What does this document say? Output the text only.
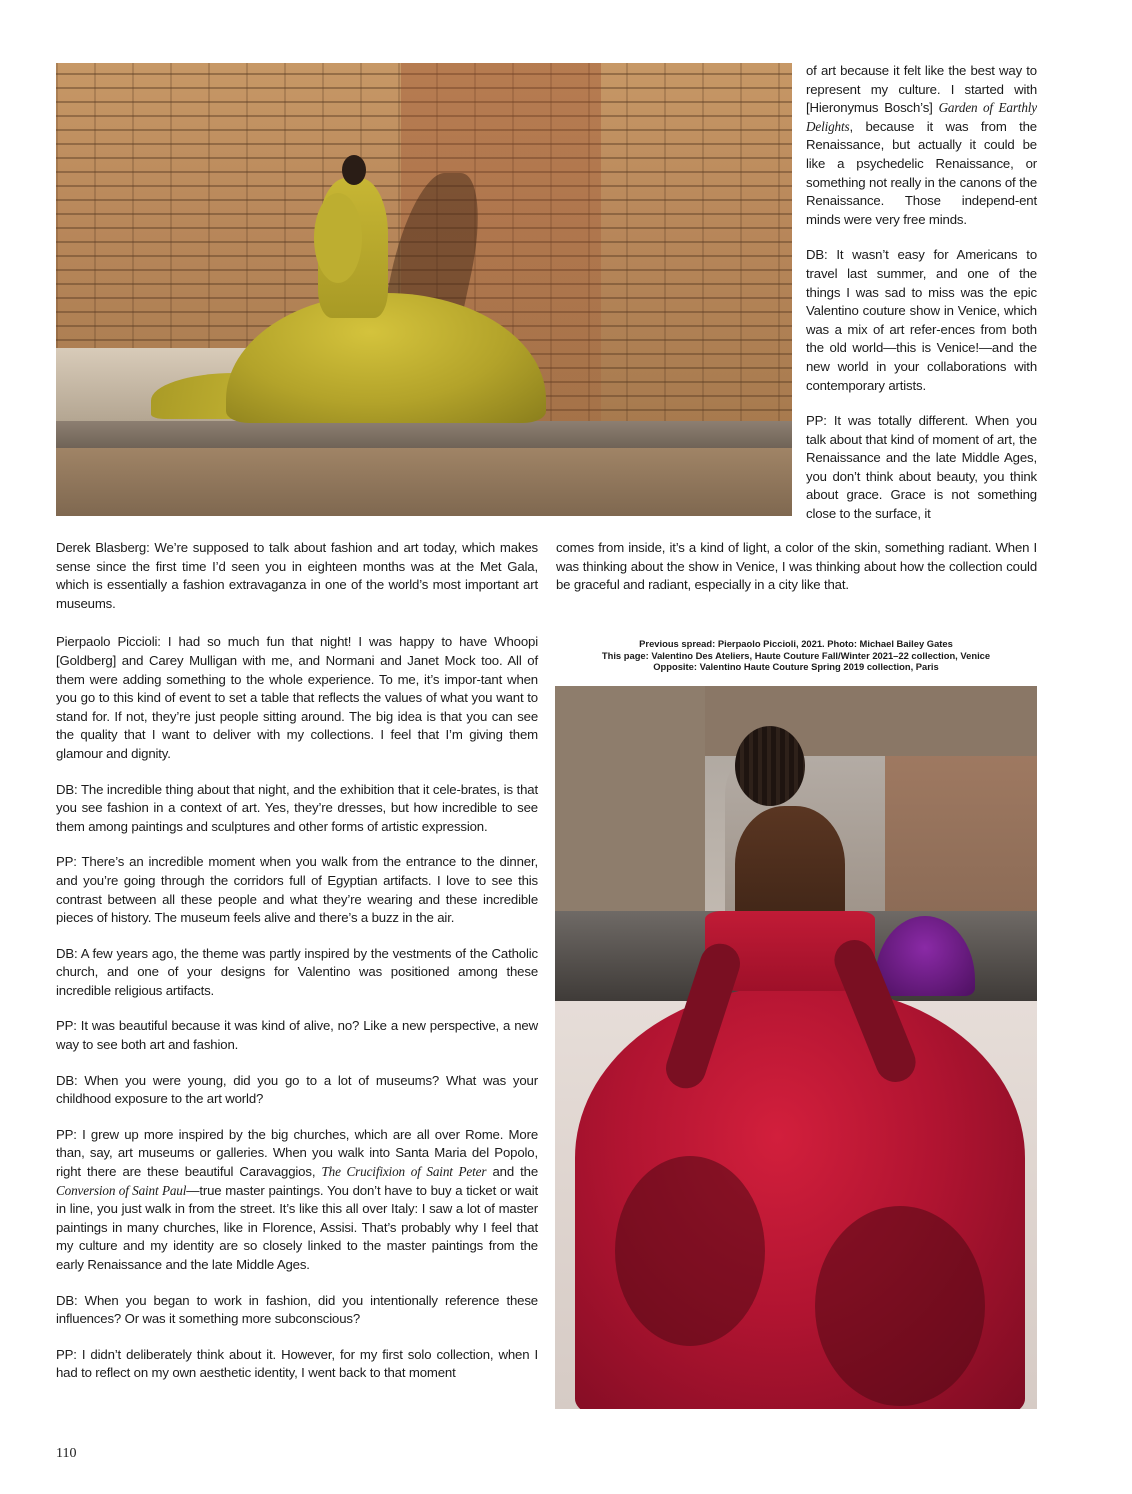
of art because it felt like the best way to represent my culture. I started with [Hieronymus Bosch’s] Garden of Earthly Delights, because it was from the Renaissance, but actually it could be like a psychedelic Renaissance, or something not really in the canons of the Renaissance. Those independ-ent minds were very free minds.

DB: It wasn’t easy for Americans to travel last summer, and one of the things I was sad to miss was the epic Valentino couture show in Venice, which was a mix of art refer-ences from both the old world—this is Venice!—and the new world in your collaborations with contemporary artists.

PP: It was totally different. When you talk about that kind of moment of art, the Renaissance and the late Middle Ages, you don’t think about beauty, you think about grace. Grace is not something close to the surface, it

comes from inside, it’s a kind of light, a color of the skin, something radiant. When I was thinking about the show in Venice, I was thinking about how the collection could be graceful and radiant, especially in a city like that.

Derek Blasberg: We’re supposed to talk about fashion and art today, which makes sense since the first time I’d seen you in eighteen months was at the Met Gala, which is essentially a fashion extravaganza in one of the world’s most important art museums.

Pierpaolo Piccioli: I had so much fun that night! I was happy to have Whoopi [Goldberg] and Carey Mulligan with me, and Normani and Janet Mock too. All of them were adding something to the whole experience. To me, it’s impor-tant when you go to this kind of event to set a table that reflects the values of what you want to stand for. If not, they’re just people sitting around. The big idea is that you can see the quality that I want to deliver with my collections. I feel that I’m giving them glamour and dignity.

DB: The incredible thing about that night, and the exhibition that it cele-brates, is that you see fashion in a context of art. Yes, they’re dresses, but how incredible to see them among paintings and sculptures and other forms of artistic expression.

PP: There’s an incredible moment when you walk from the entrance to the dinner, and you’re going through the corridors full of Egyptian artifacts. I love to see this contrast between all these people and what they’re wearing and these incredible pieces of history. The museum feels alive and there’s a buzz in the air.

DB: A few years ago, the theme was partly inspired by the vestments of the Catholic church, and one of your designs for Valentino was positioned among these incredible religious artifacts.

PP: It was beautiful because it was kind of alive, no? Like a new perspective, a new way to see both art and fashion.

DB: When you were young, did you go to a lot of museums? What was your childhood exposure to the art world?

PP: I grew up more inspired by the big churches, which are all over Rome. More than, say, art museums or galleries. When you walk into Santa Maria del Popolo, right there are these beautiful Caravaggios, The Crucifixion of Saint Peter and the Conversion of Saint Paul—true master paintings. You don’t have to buy a ticket or wait in line, you just walk in from the street. It’s like this all over Italy: I saw a lot of master paintings in many churches, like in Florence, Assisi. That’s probably why I feel that my culture and my identity are so closely linked to the master paintings from the early Renaissance and the late Middle Ages.

DB: When you began to work in fashion, did you intentionally reference these influences? Or was it something more subconscious?

PP: I didn’t deliberately think about it. However, for my first solo collection, when I had to reflect on my own aesthetic identity, I went back to that moment

Previous spread: Pierpaolo Piccioli, 2021. Photo: Michael Bailey Gates
This page: Valentino Des Ateliers, Haute Couture Fall/Winter 2021–22 collection, Venice
Opposite: Valentino Haute Couture Spring 2019 collection, Paris
110
